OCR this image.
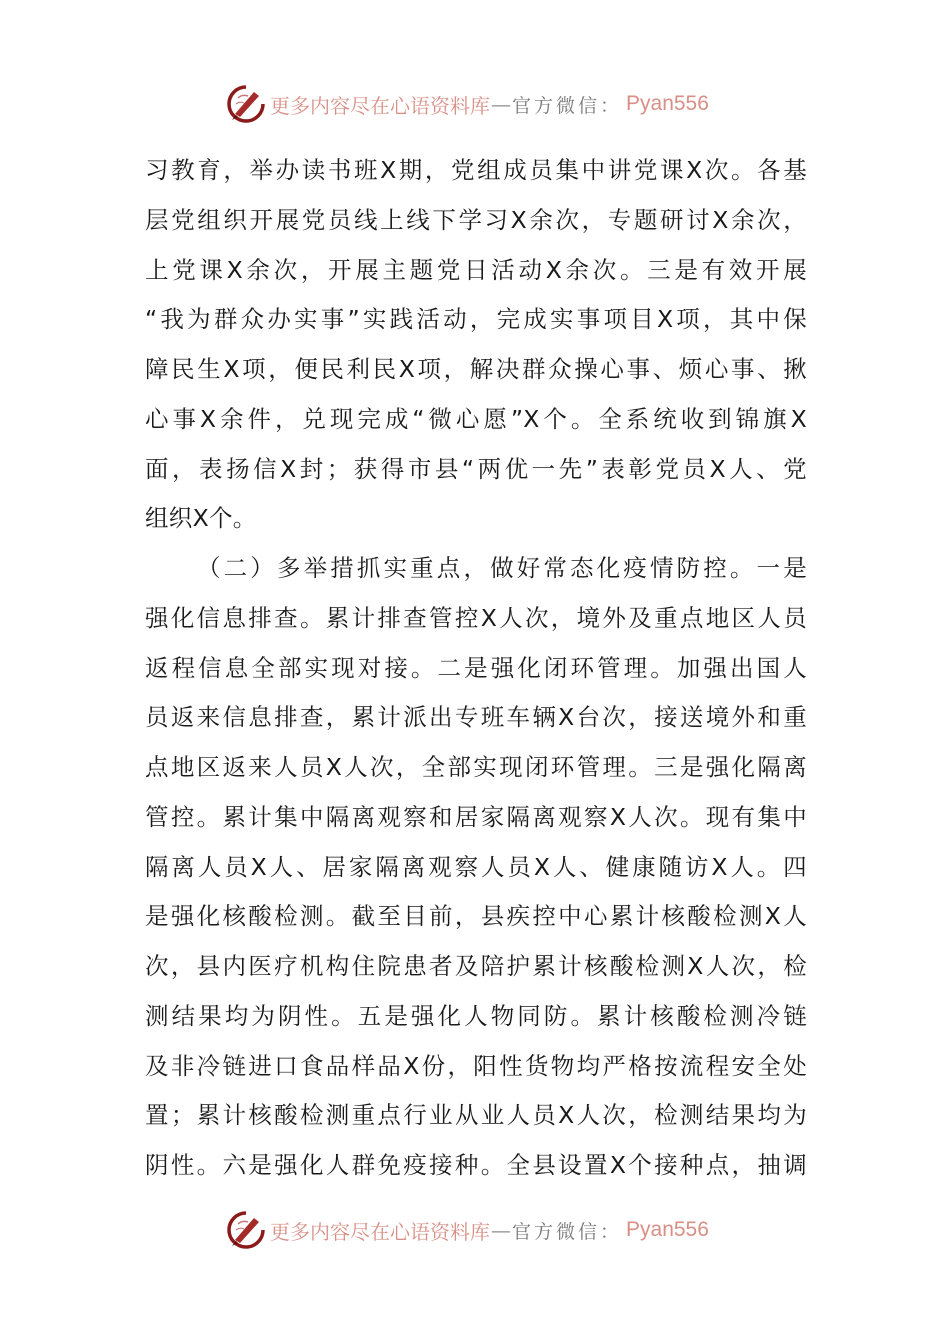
更多内容尽在心语资料库 — 官方微信： Pyan556
习教育，举办读书班X期，党组成员集中讲党课X次。各基
层党组织开展党员线上线下学习X余次，专题研讨X余次，
上党课X余次，开展主题党日活动X余次。三是有效开展
“我为群众办实事”实践活动，完成实事项目X项，其中保
障民生X项，便民利民X项，解决群众操心事、烦心事、揪
心事X余件，兑现完成“微心愿”X个。全系统收到锦旗X
面，表扬信X封；获得市县“两优一先”表彰党员X人、党
组织X个。
（二）多举措抓实重点，做好常态化疫情防控。一是
强化信息排查。累计排查管控X人次，境外及重点地区人员
返程信息全部实现对接。二是强化闭环管理。加强出国人
员返来信息排查，累计派出专班车辆X台次，接送境外和重
点地区返来人员X人次，全部实现闭环管理。三是强化隔离
管控。累计集中隔离观察和居家隔离观察X人次。现有集中
隔离人员X人、居家隔离观察人员X人、健康随访X人。四
是强化核酸检测。截至目前，县疾控中心累计核酸检测X人
次，县内医疗机构住院患者及陪护累计核酸检测X人次，检
测结果均为阴性。五是强化人物同防。累计核酸检测冷链
及非冷链进口食品样品X份，阳性货物均严格按流程安全处
置；累计核酸检测重点行业从业人员X人次，检测结果均为
阴性。六是强化人群免疫接种。全县设置X个接种点，抽调
更多内容尽在心语资料库 — 官方微信： Pyan556
